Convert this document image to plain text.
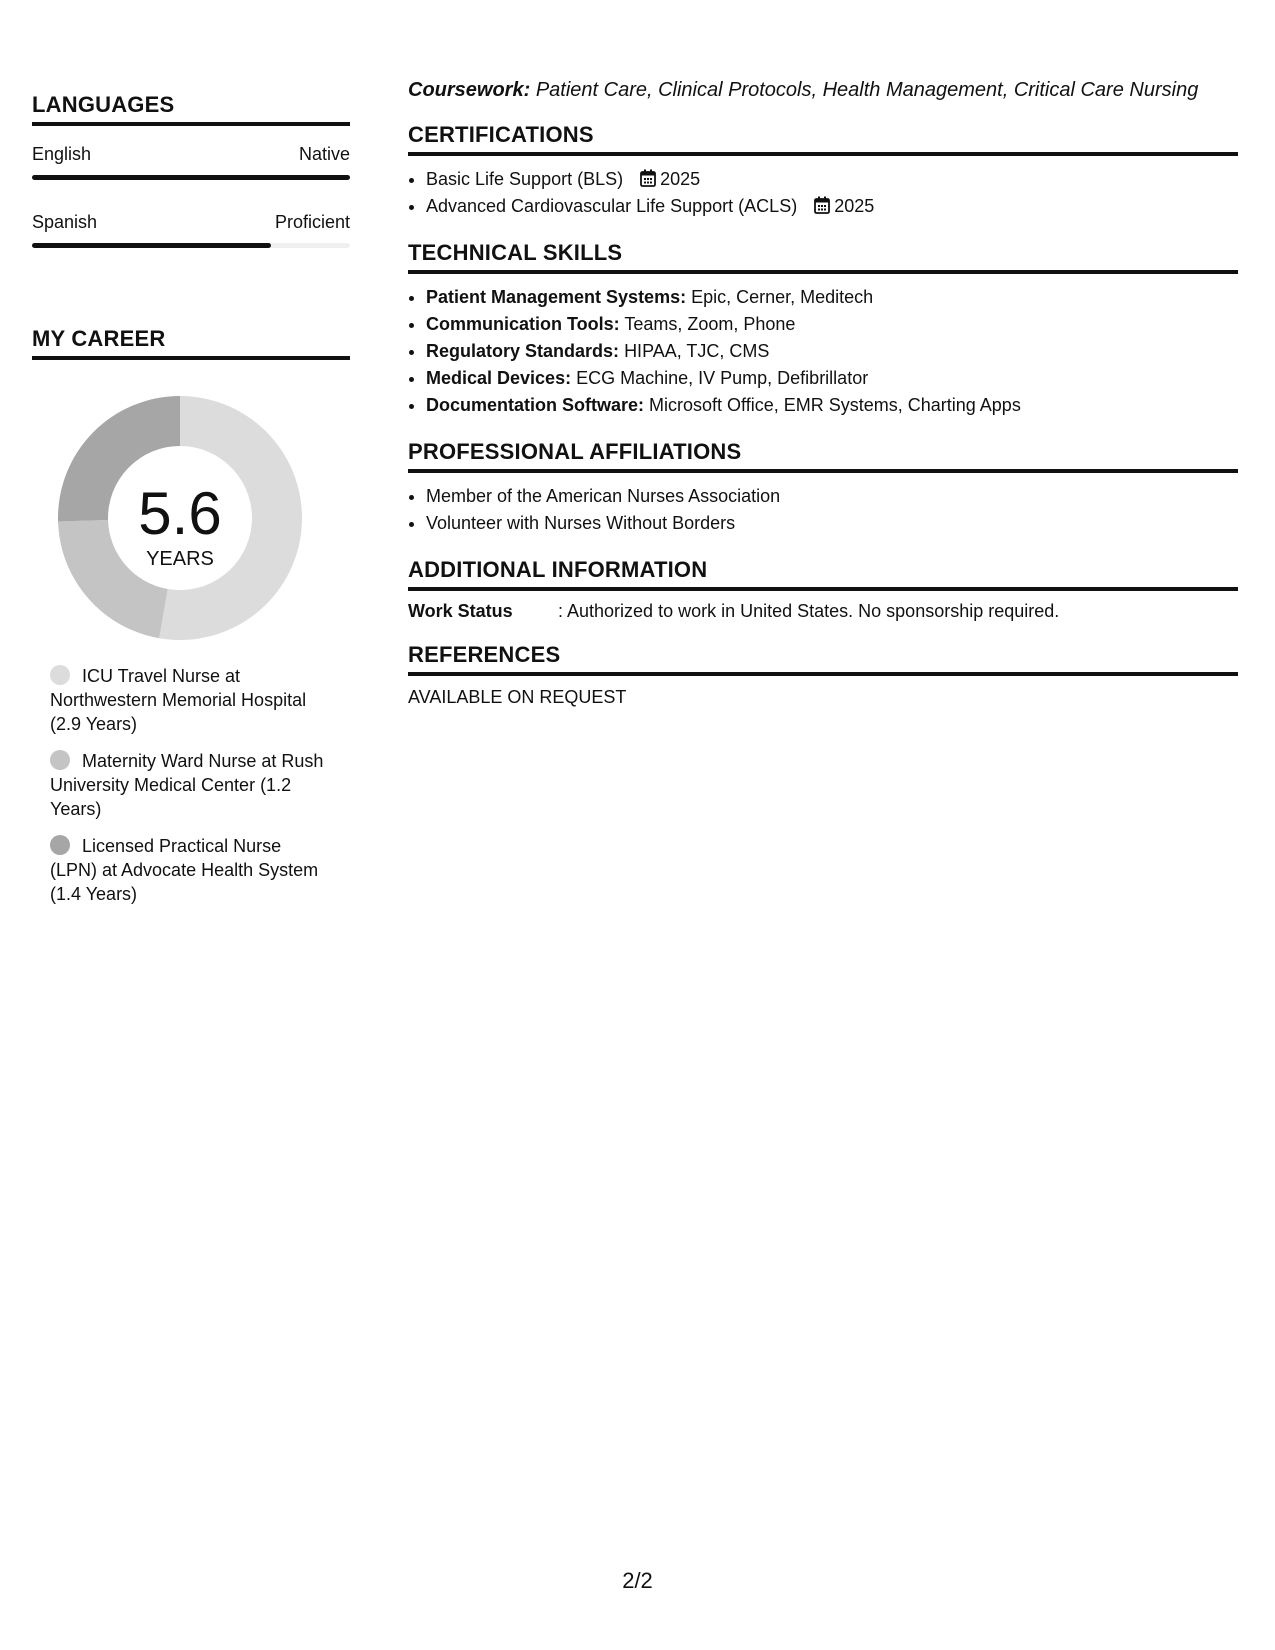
LANGUAGES
English	Native
Spanish	Proficient
MY CAREER
5.6
YEARS
ICU Travel Nurse at Northwestern Memorial Hospital (2.9 Years)
Maternity Ward Nurse at Rush University Medical Center (1.2 Years)
Licensed Practical Nurse (LPN) at Advocate Health System (1.4 Years)
Coursework: Patient Care, Clinical Protocols, Health Management, Critical Care Nursing
CERTIFICATIONS
• Basic Life Support (BLS) 2025
• Advanced Cardiovascular Life Support (ACLS) 2025
TECHNICAL SKILLS
• Patient Management Systems: Epic, Cerner, Meditech
• Communication Tools: Teams, Zoom, Phone
• Regulatory Standards: HIPAA, TJC, CMS
• Medical Devices: ECG Machine, IV Pump, Defibrillator
• Documentation Software: Microsoft Office, EMR Systems, Charting Apps
PROFESSIONAL AFFILIATIONS
• Member of the American Nurses Association
• Volunteer with Nurses Without Borders
ADDITIONAL INFORMATION
Work Status	: Authorized to work in United States. No sponsorship required.
REFERENCES
AVAILABLE ON REQUEST
2/2
